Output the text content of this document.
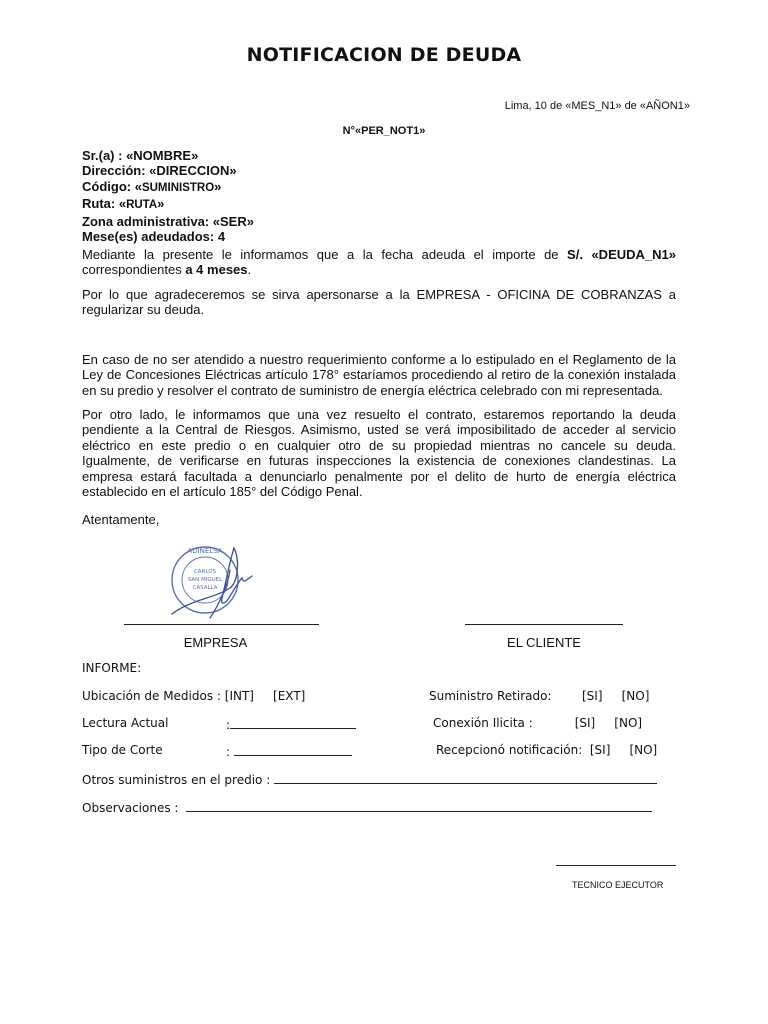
NOTIFICACION DE DEUDA
Lima, 10 de «MES_N1» de «AÑON1»
N°«PER_NOT1»
Sr.(a) : «NOMBRE»
Dirección: «DIRECCION»
Código: «SUMINISTRO»
Ruta: «RUTA»
Zona administrativa: «SER»
Mese(es) adeudados: 4
Mediante la presente le informamos que a la fecha adeuda el importe de S/. «DEUDA_N1» correspondientes a 4 meses.
Por lo que agradeceremos se sirva apersonarse a la EMPRESA - OFICINA DE COBRANZAS a regularizar su deuda.
En caso de no ser atendido a nuestro requerimiento conforme a lo estipulado en el Reglamento de la Ley de Concesiones Eléctricas artículo 178° estaríamos procediendo al retiro de la conexión instalada en su predio y resolver el contrato de suministro de energía eléctrica celebrado con mi representada.
Por otro lado, le informamos que una vez resuelto el contrato, estaremos reportando la deuda pendiente a la Central de Riesgos. Asimismo, usted se verá imposibilitado de acceder al servicio eléctrico en este predio o en cualquier otro de su propiedad mientras no cancele su deuda. Igualmente, de verificarse en futuras inspecciones la existencia de conexiones clandestinas. La empresa estará facultada a denunciarlo penalmente por el delito de hurto de energía eléctrica establecido en el artículo 185° del Código Penal.
Atentamente,
ADINELSA
CARLOS
SAN MIGUEL
CASALLA
EMPRESA	EL CLIENTE
INFORME:
Ubicación de Medidos : [INT]     [EXT]	Suministro Retirado:        [SI]     [NO]
Lectura Actual	:	Conexión Ilicita :           [SI]     [NO]
Tipo de Corte	:	Recepcionó notificación:  [SI]     [NO]
Otros suministros en el predio :
Observaciones :
TECNICO EJECUTOR
